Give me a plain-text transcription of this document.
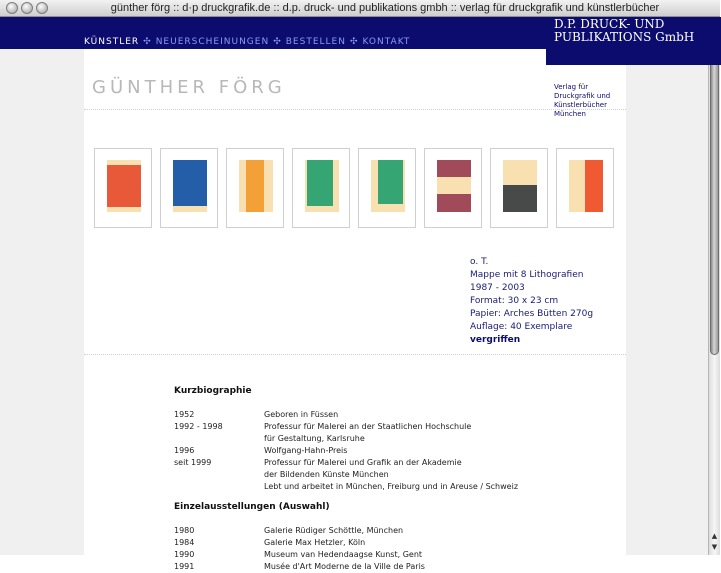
günther förg :: d·p druckgrafik.de :: d.p. druck- und publikations gmbh :: verlag für druckgrafik und künstlerbücher
KÜNSTLER ✣ NEUERSCHEINUNGEN ✣ BESTELLEN ✣ KONTAKT
D.P. DRUCK- UND
PUBLIKATIONS GmbH
Verlag für Druckgrafik und Künstlerbücher
München
GÜNTHER FÖRG
o. T.
Mappe mit 8 Lithografien
1987 - 2003
Format: 30 x 23 cm
Papier: Arches Bütten 270g
Auflage: 40 Exemplare
vergriffen
Kurzbiographie
1952	Geboren in Füssen
1992 - 1998	Professur für Malerei an der Staatlichen Hochschule
für Gestaltung, Karlsruhe
1996	Wolfgang-Hahn-Preis
seit 1999	Professur für Malerei und Grafik an der Akademie
der Bildenden Künste München
Lebt und arbeitet in München, Freiburg und in Areuse / Schweiz
Einzelausstellungen (Auswahl)
1980	Galerie Rüdiger Schöttle, München
1984	Galerie Max Hetzler, Köln
1990	Museum van Hedendaagse Kunst, Gent
1991	Musée d'Art Moderne de la Ville de Paris
▲
▼
